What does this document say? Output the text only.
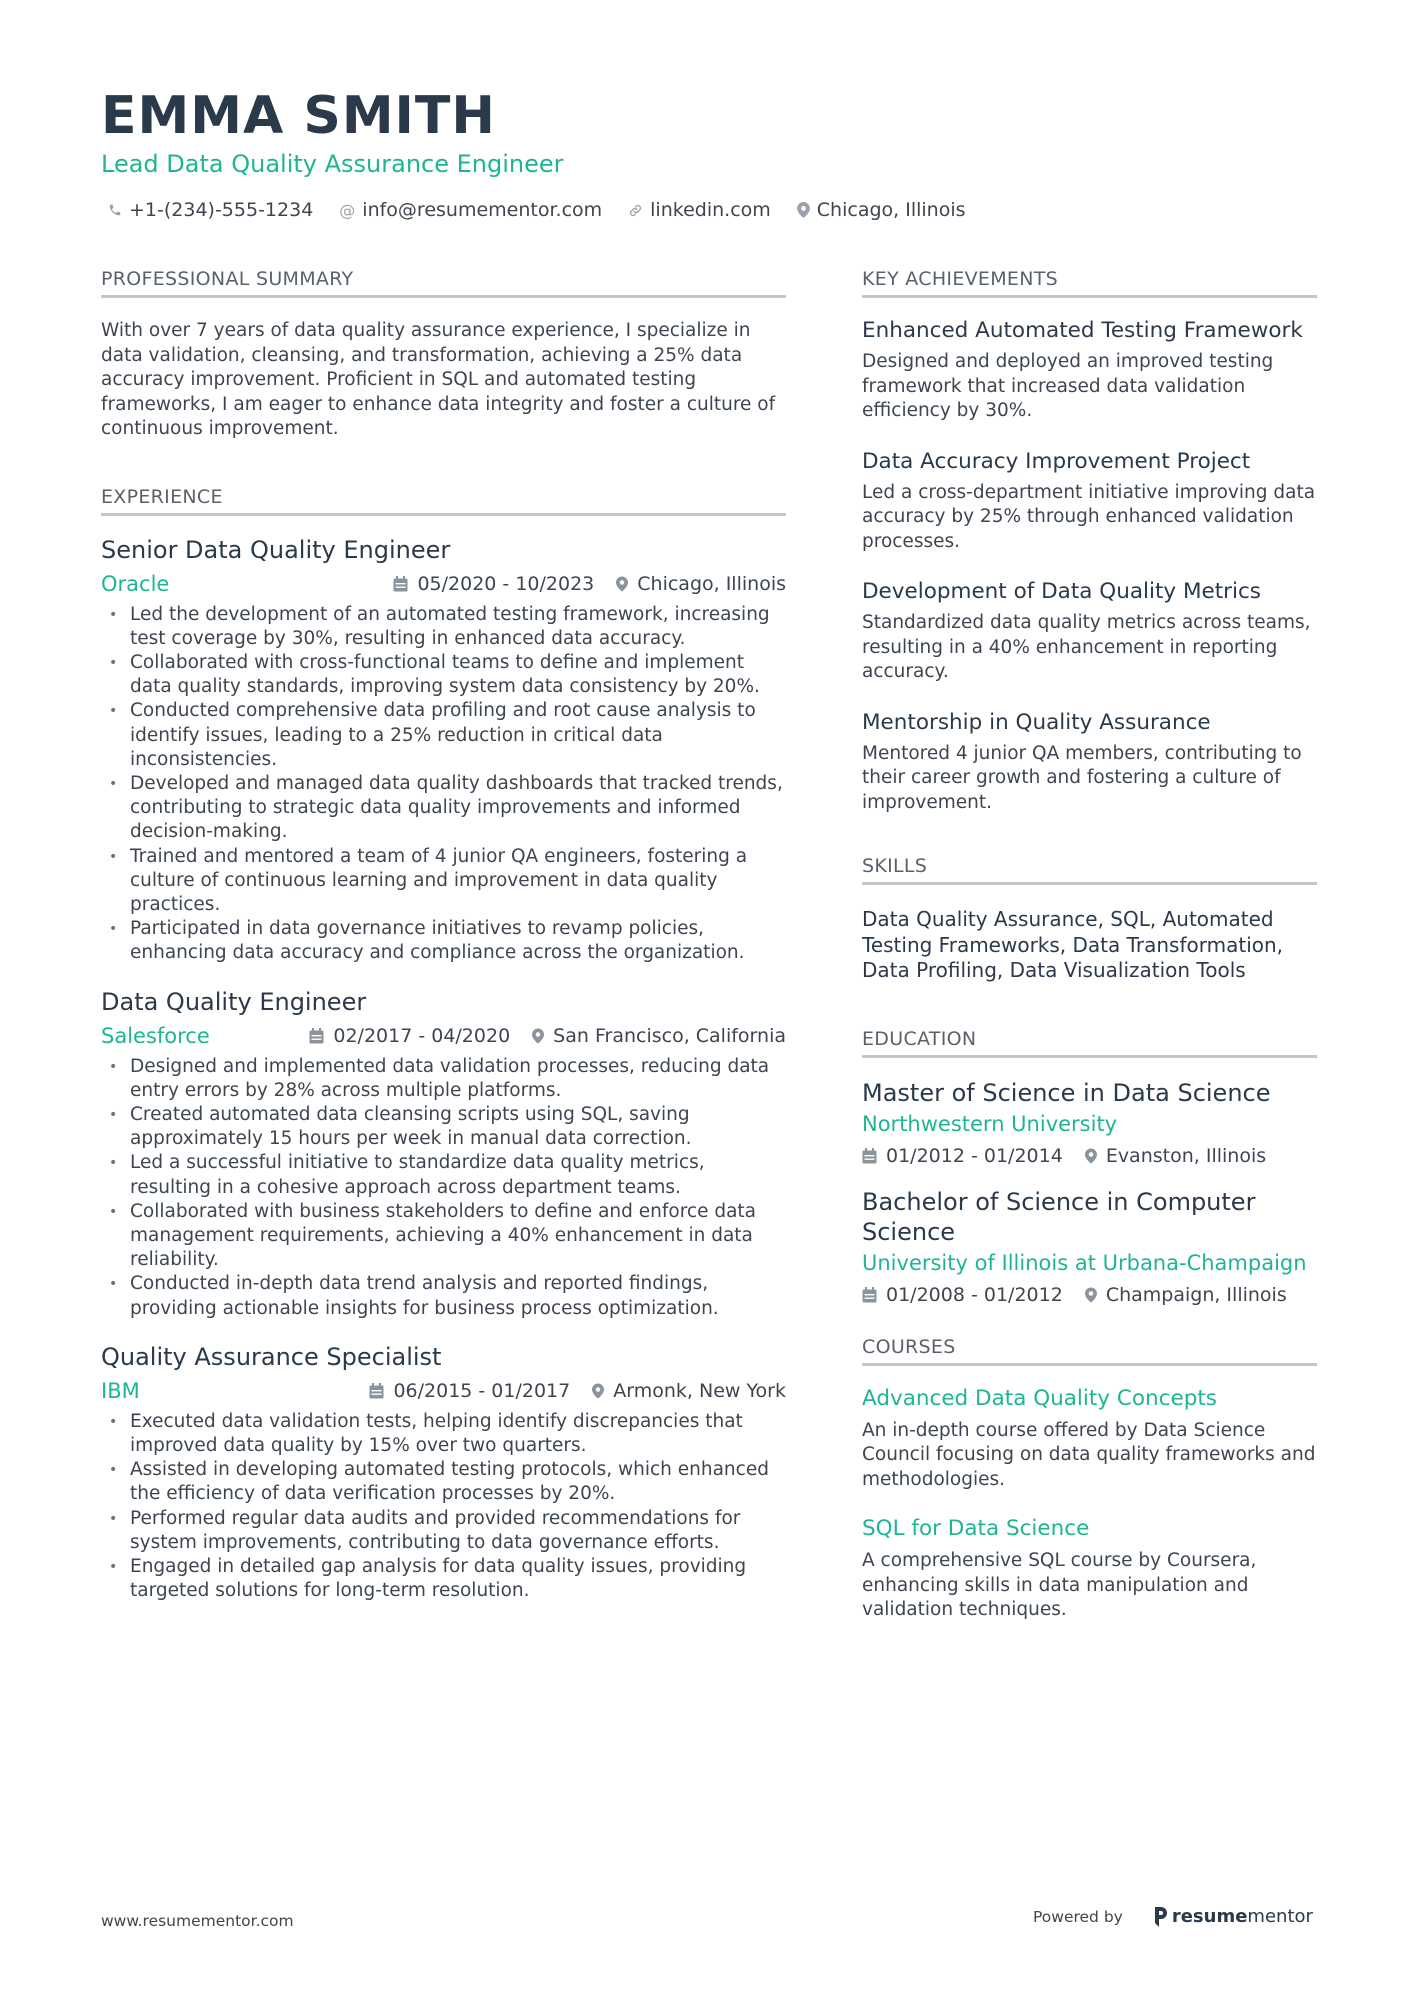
EMMA SMITH
Lead Data Quality Assurance Engineer
+1-(234)-555-1234 @ info@resumementor.com	linkedin.com Chicago, Illinois
PROFESSIONAL SUMMARY

With over 7 years of data quality assurance experience, I specialize in data validation, cleansing, and transformation, achieving a 25% data accuracy improvement. Proficient in SQL and automated testing frameworks, I am eager to enhance data integrity and foster a culture of continuous improvement.

EXPERIENCE
Senior Data Quality Engineer
Oracle	05/2020 - 10/2023 Chicago, Illinois
• Led the development of an automated testing framework, increasing test coverage by 30%, resulting in enhanced data accuracy.
• Collaborated with cross-functional teams to define and implement data quality standards, improving system data consistency by 20%.
• Conducted comprehensive data profiling and root cause analysis to identify issues, leading to a 25% reduction in critical data inconsistencies.
• Developed and managed data quality dashboards that tracked trends, contributing to strategic data quality improvements and informed decision-making.
• Trained and mentored a team of 4 junior QA engineers, fostering a culture of continuous learning and improvement in data quality practices.
• Participated in data governance initiatives to revamp policies, enhancing data accuracy and compliance across the organization.
Data Quality Engineer
Salesforce	02/2017 - 04/2020 San Francisco, California
• Designed and implemented data validation processes, reducing data entry errors by 28% across multiple platforms.
• Created automated data cleansing scripts using SQL, saving approximately 15 hours per week in manual data correction.
• Led a successful initiative to standardize data quality metrics, resulting in a cohesive approach across department teams.
• Collaborated with business stakeholders to define and enforce data management requirements, achieving a 40% enhancement in data reliability.
• Conducted in-depth data trend analysis and reported findings, providing actionable insights for business process optimization.
Quality Assurance Specialist
IBM	06/2015 - 01/2017 Armonk, New York
• Executed data validation tests, helping identify discrepancies that improved data quality by 15% over two quarters.
• Assisted in developing automated testing protocols, which enhanced the efficiency of data verification processes by 20%.
• Performed regular data audits and provided recommendations for system improvements, contributing to data governance efforts.
• Engaged in detailed gap analysis for data quality issues, providing targeted solutions for long-term resolution.
KEY ACHIEVEMENTS
Enhanced Automated Testing Framework
Designed and deployed an improved testing framework that increased data validation efficiency by 30%.
Data Accuracy Improvement Project
Led a cross-department initiative improving data accuracy by 25% through enhanced validation processes.
Development of Data Quality Metrics
Standardized data quality metrics across teams, resulting in a 40% enhancement in reporting accuracy.
Mentorship in Quality Assurance
Mentored 4 junior QA members, contributing to their career growth and fostering a culture of improvement.
SKILLS
Data Quality Assurance, SQL, Automated Testing Frameworks, Data Transformation, Data Profiling, Data Visualization Tools
EDUCATION
Master of Science in Data Science
Northwestern University
01/2012 - 01/2014 Evanston, Illinois
Bachelor of Science in Computer Science
University of Illinois at Urbana-Champaign
01/2008 - 01/2012 Champaign, Illinois
COURSES
Advanced Data Quality Concepts
An in-depth course offered by Data Science Council focusing on data quality frameworks and methodologies.
SQL for Data Science
A comprehensive SQL course by Coursera, enhancing skills in data manipulation and validation techniques.
www.resumementor.com	Powered by	resume mentor
